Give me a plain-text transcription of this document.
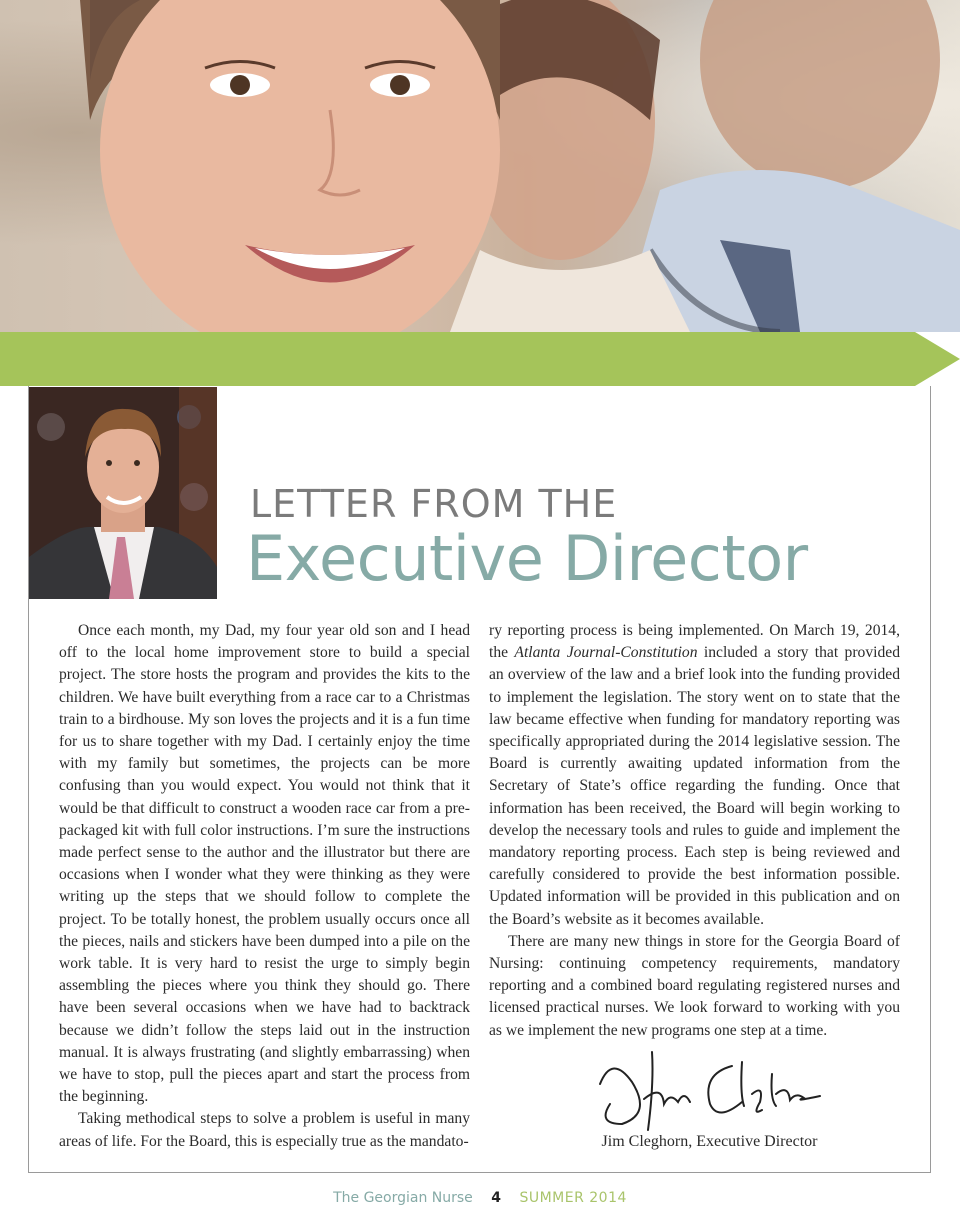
LETTER FROM THE
Executive Director

Once each month, my Dad, my four year old son and I head off to the local home improvement store to build a special project. The store hosts the program and provides the kits to the children. We have built everything from a race car to a Christmas train to a birdhouse. My son loves the projects and it is a fun time for us to share together with my Dad. I certainly enjoy the time with my family but sometimes, the projects can be more confusing than you would expect. You would not think that it would be that difficult to construct a wooden race car from a pre-packaged kit with full color instructions. I’m sure the instructions made perfect sense to the author and the illustrator but there are occasions when I wonder what they were thinking as they were writing up the steps that we should follow to complete the project. To be totally honest, the problem usually occurs once all the pieces, nails and stickers have been dumped into a pile on the work table. It is very hard to resist the urge to simply begin assembling the pieces where you think they should go. There have been several occasions when we have had to backtrack because we didn’t follow the steps laid out in the instruction manual. It is always frustrating (and slightly embarrassing) when we have to stop, pull the pieces apart and start the process from the beginning.

Taking methodical steps to solve a problem is useful in many areas of life. For the Board, this is especially true as the mandato-

ry reporting process is being implemented. On March 19, 2014, the Atlanta Journal-Constitution included a story that provided an overview of the law and a brief look into the funding provided to implement the legislation. The story went on to state that the law became effective when funding for mandatory reporting was specifically appropriated during the 2014 legislative session. The Board is currently awaiting updated information from the Secretary of State’s office regarding the funding. Once that information has been received, the Board will begin working to develop the necessary tools and rules to guide and implement the mandatory reporting process. Each step is being reviewed and carefully considered to provide the best information possible. Updated information will be provided in this publication and on the Board’s website as it becomes available.

There are many new things in store for the Georgia Board of Nursing: continuing competency requirements, mandatory reporting and a combined board regulating registered nurses and licensed practical nurses. We look forward to working with you as we implement the new programs one step at a time.

Jim Cleghorn, Executive Director
The Georgian Nurse 4 SUMMER 2014
